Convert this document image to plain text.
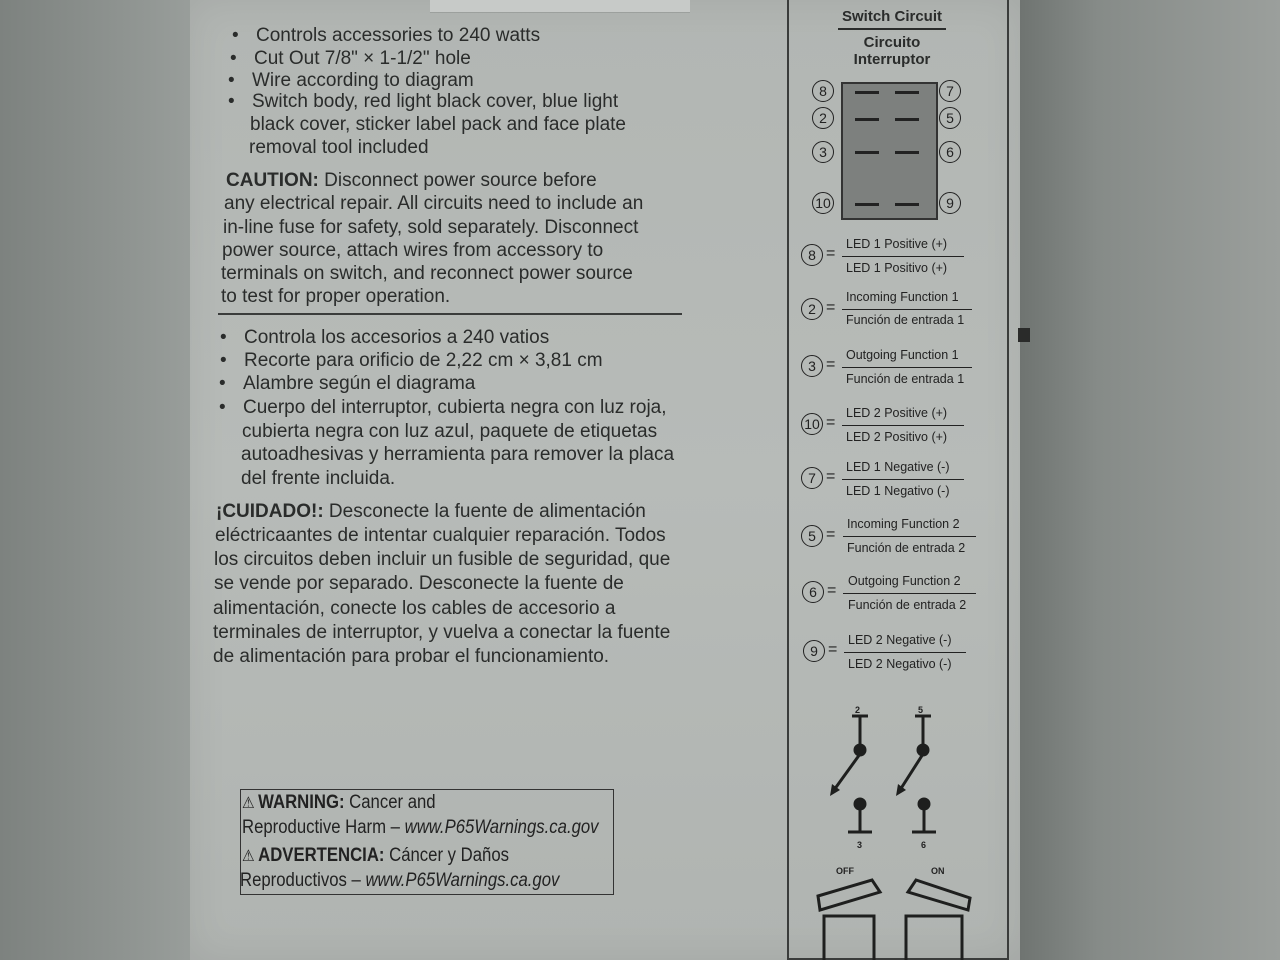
• Controls accessories to 240 watts
• Cut Out 7/8" × 1-1/2" hole
• Wire according to diagram
• Switch body, red light black cover, blue light
black cover, sticker label pack and face plate
removal tool included
CAUTION: Disconnect power source before
any electrical repair. All circuits need to include an
in-line fuse for safety, sold separately. Disconnect
power source, attach wires from accessory to
terminals on switch, and reconnect power source
to test for proper operation.
• Controla los accesorios a 240 vatios
• Recorte para orificio de 2,22 cm × 3,81 cm
• Alambre según el diagrama
• Cuerpo del interruptor, cubierta negra con luz roja,
cubierta negra con luz azul, paquete de etiquetas
autoadhesivas y herramienta para remover la placa
del frente incluida.
¡CUIDADO!: Desconecte la fuente de alimentación
eléctricaantes de intentar cualquier reparación. Todos
los circuitos deben incluir un fusible de seguridad, que
se vende por separado. Desconecte la fuente de
alimentación, conecte los cables de accesorio a
terminales de interruptor, y vuelva a conectar la fuente
de alimentación para probar el funcionamiento.
⚠ WARNING: Cancer and
Reproductive Harm – www.P65Warnings.ca.gov
⚠ ADVERTENCIA: Cáncer y Daños
Reproductivos – www.P65Warnings.ca.gov
Switch Circuit
Circuito
Interruptor
8
2
3
10
7
5
6
9
8 =
LED 1 Positive (+)
LED 1 Positivo (+)
2 =
Incoming Function 1
Función de entrada 1
3 =
Outgoing Function 1
Función de entrada 1
10 =
LED 2 Positive (+)
LED 2 Positivo (+)
7 =
LED 1 Negative (-)
LED 1 Negativo (-)
5 =
Incoming Function 2
Función de entrada 2
6 =
Outgoing Function 2
Función de entrada 2
9 =
LED 2 Negative (-)
LED 2 Negativo (-)
2	5
3	6
OFF	ON
